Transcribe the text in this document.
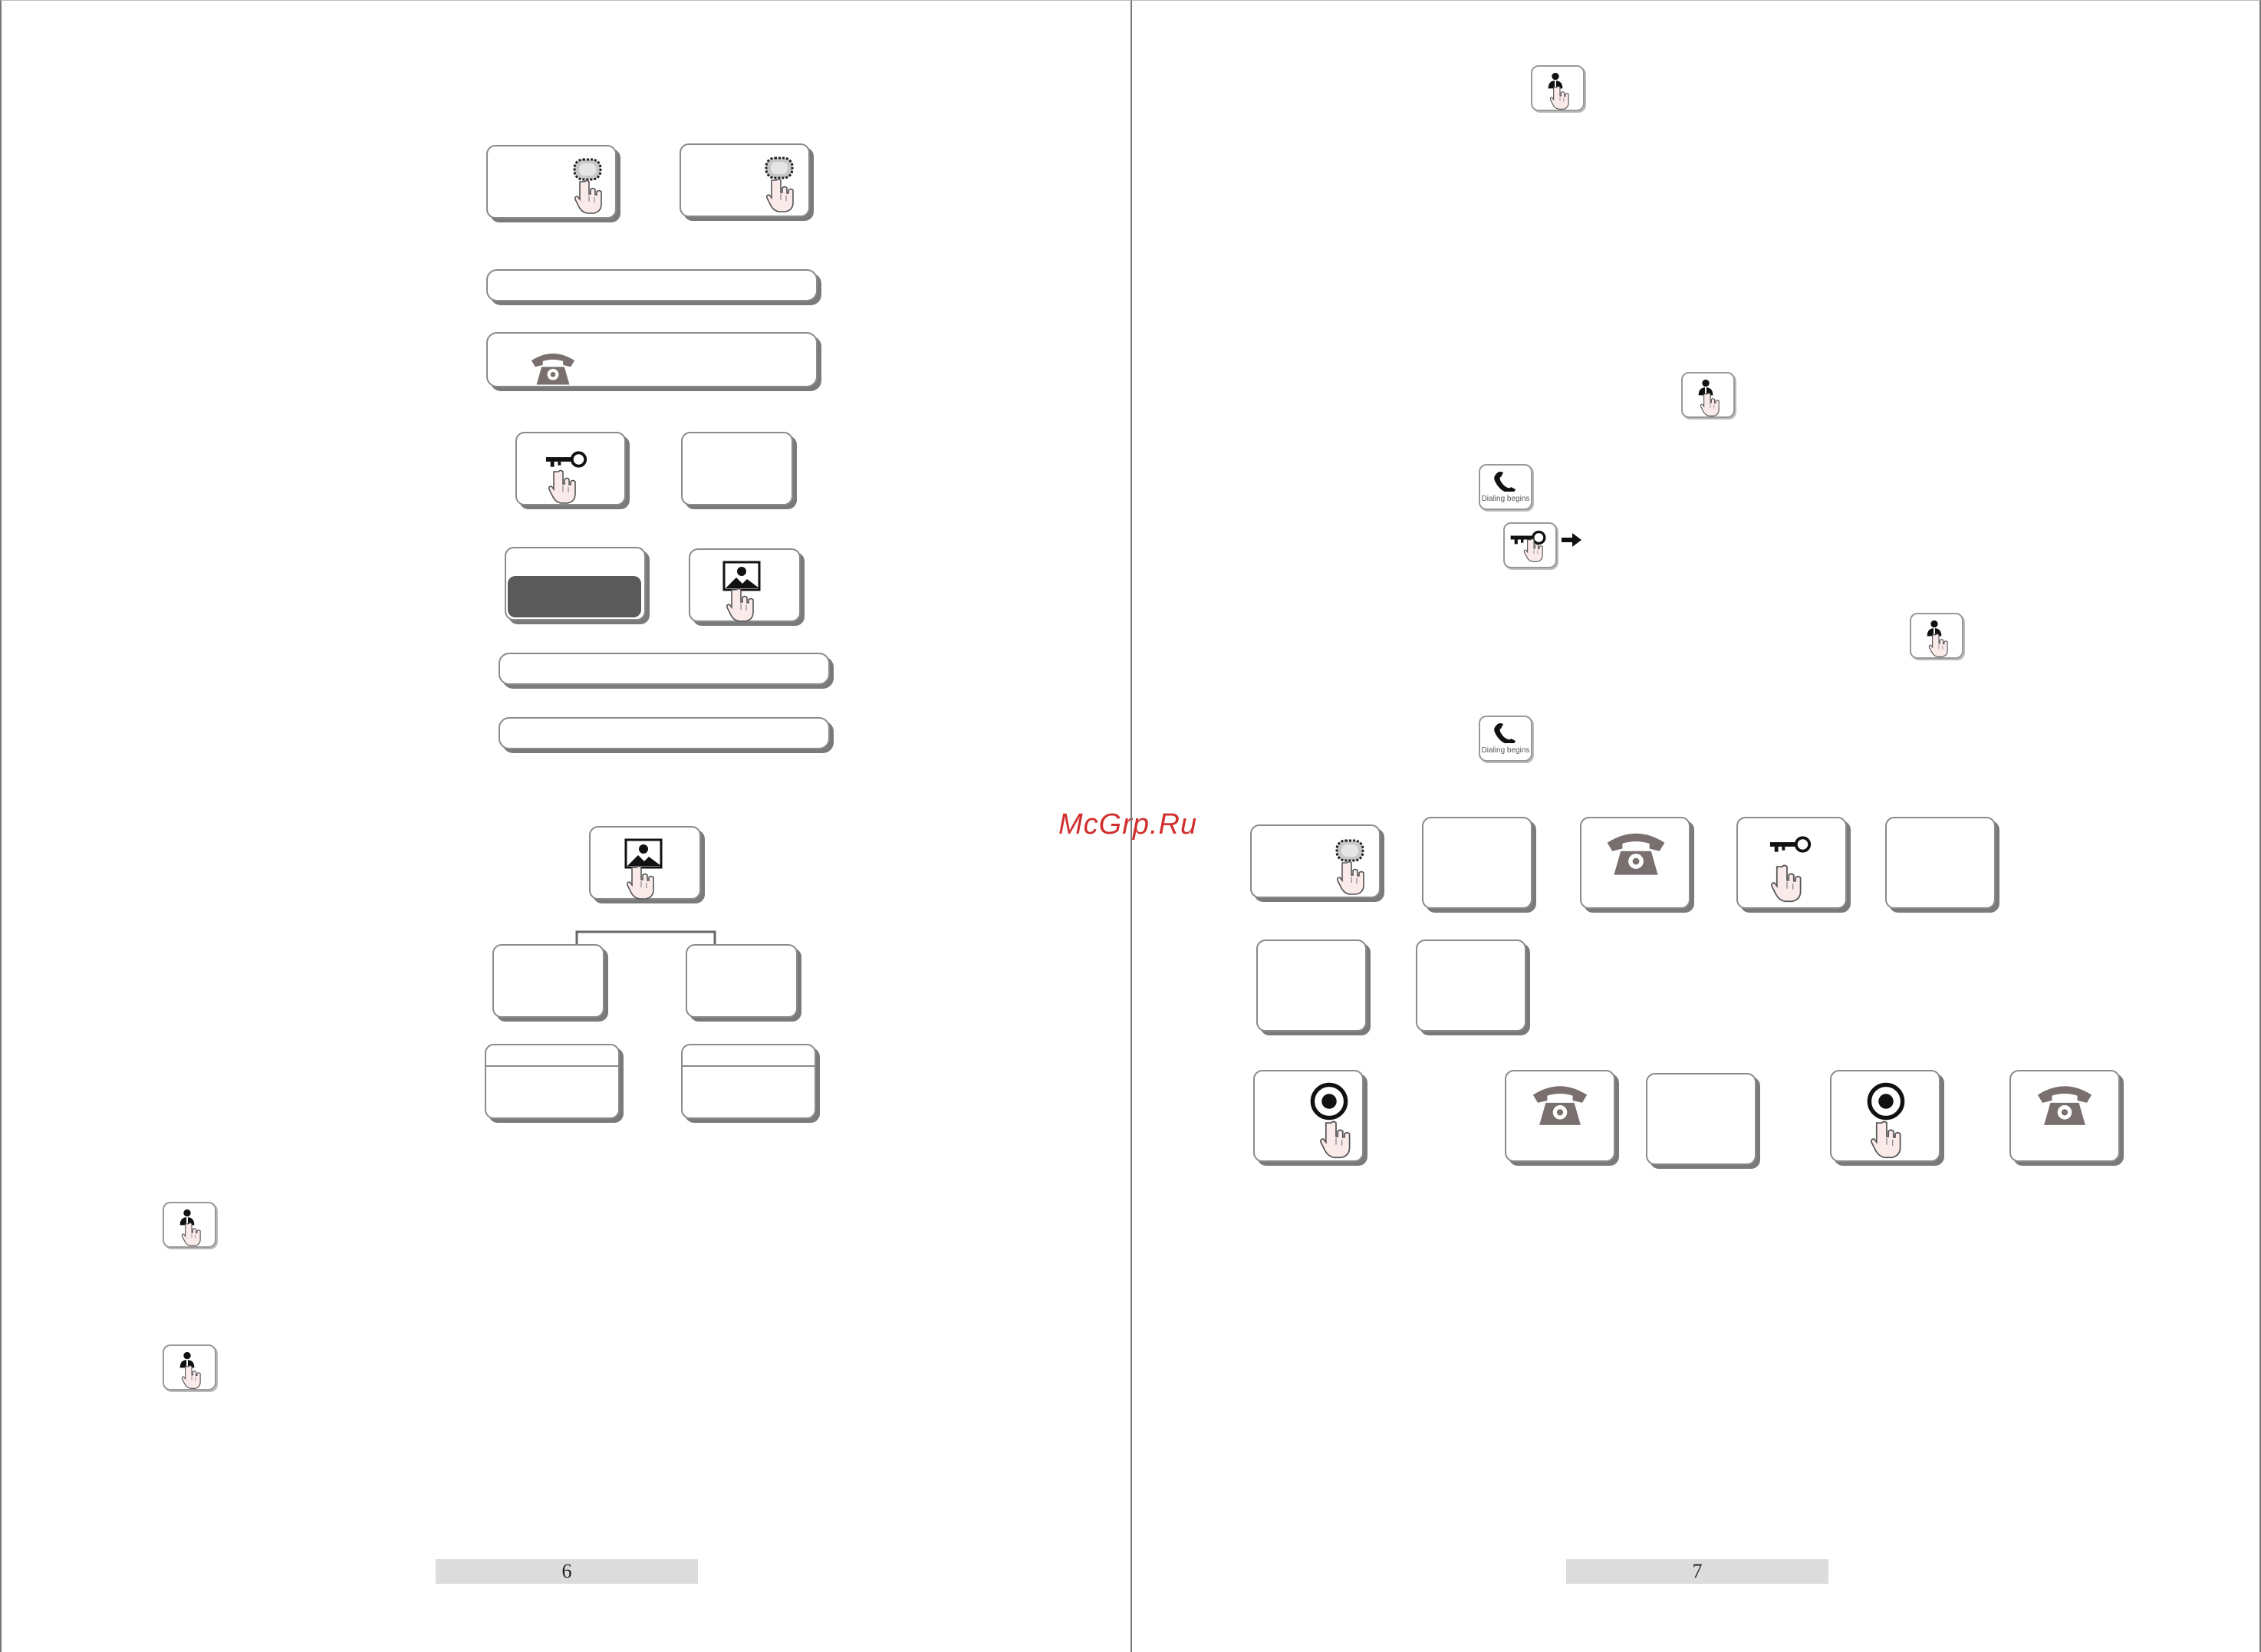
6
McGrp.Ru
Dialing begins
Dialing begins
7
